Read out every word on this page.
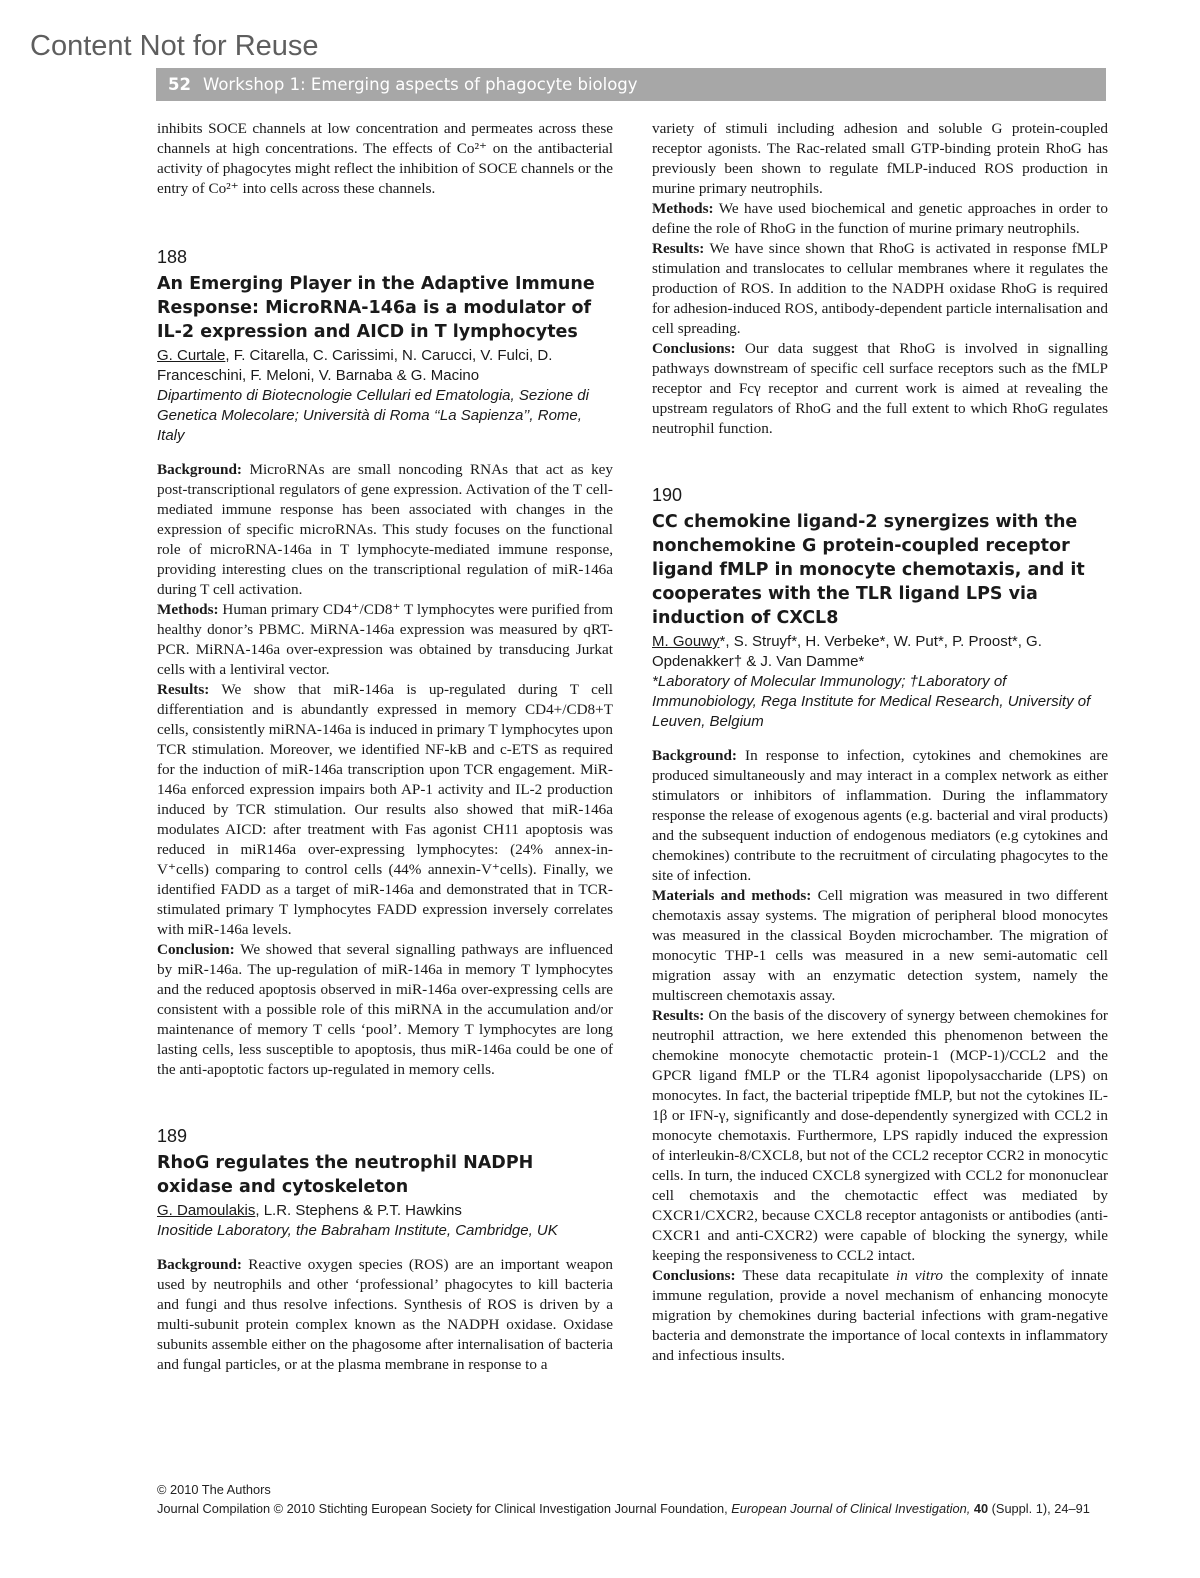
Content Not for Reuse
52 Workshop 1: Emerging aspects of phagocyte biology

inhibits SOCE channels at low concentration and permeates across these channels at high concentrations. The effects of Co²⁺ on the antibacterial activity of phagocytes might reflect the inhibition of SOCE channels or the entry of Co²⁺ into cells across these channels.

188

An Emerging Player in the Adaptive Immune Response: MicroRNA-146a is a modulator of IL-2 expression and AICD in T lymphocytes

G. Curtale, F. Citarella, C. Carissimi, N. Carucci, V. Fulci, D. Franceschini, F. Meloni, V. Barnaba & G. Macino

Dipartimento di Biotecnologie Cellulari ed Ematologia, Sezione di Genetica Molecolare; Università di Roma ‘‘La Sapienza’’, Rome, Italy

Background: MicroRNAs are small noncoding RNAs that act as key post-transcriptional regulators of gene expression. Activation of the T cell-mediated immune response has been associated with changes in the expression of specific microRNAs. This study focuses on the functional role of microRNA-146a in T lymphocyte-mediated immune response, providing interesting clues on the transcriptional regulation of miR-146a during T cell activation.

Methods: Human primary CD4⁺/CD8⁺ T lymphocytes were purified from healthy donor’s PBMC. MiRNA-146a expression was measured by qRT-PCR. MiRNA-146a over-expression was obtained by transducing Jurkat cells with a lentiviral vector.

Results: We show that miR-146a is up-regulated during T cell differentiation and is abundantly expressed in memory CD4+/CD8+T cells, consistently miRNA-146a is induced in primary T lymphocytes upon TCR stimulation. Moreover, we identified NF-kB and c-ETS as required for the induction of miR-146a transcription upon TCR engagement. MiR-146a enforced expression impairs both AP-1 activity and IL-2 production induced by TCR stimulation. Our results also showed that miR-146a modulates AICD: after treatment with Fas agonist CH11 apoptosis was reduced in miR146a over-expressing lymphocytes: (24% annex-in-V⁺cells) comparing to control cells (44% annexin-V⁺cells). Finally, we identified FADD as a target of miR-146a and demonstrated that in TCR-stimulated primary T lymphocytes FADD expression inversely correlates with miR-146a levels.

Conclusion: We showed that several signalling pathways are influenced by miR-146a. The up-regulation of miR-146a in memory T lymphocytes and the reduced apoptosis observed in miR-146a over-expressing cells are consistent with a possible role of this miRNA in the accumulation and/or maintenance of memory T cells ‘pool’. Memory T lymphocytes are long lasting cells, less susceptible to apoptosis, thus miR-146a could be one of the anti-apoptotic factors up-regulated in memory cells.

189

RhoG regulates the neutrophil NADPH oxidase and cytoskeleton

G. Damoulakis, L.R. Stephens & P.T. Hawkins

Inositide Laboratory, the Babraham Institute, Cambridge, UK

Background: Reactive oxygen species (ROS) are an important weapon used by neutrophils and other ‘professional’ phagocytes to kill bacteria and fungi and thus resolve infections. Synthesis of ROS is driven by a multi-subunit protein complex known as the NADPH oxidase. Oxidase subunits assemble either on the phagosome after internalisation of bacteria and fungal particles, or at the plasma membrane in response to a

variety of stimuli including adhesion and soluble G protein-coupled receptor agonists. The Rac-related small GTP-binding protein RhoG has previously been shown to regulate fMLP-induced ROS production in murine primary neutrophils.

Methods: We have used biochemical and genetic approaches in order to define the role of RhoG in the function of murine primary neutrophils.

Results: We have since shown that RhoG is activated in response fMLP stimulation and translocates to cellular membranes where it regulates the production of ROS. In addition to the NADPH oxidase RhoG is required for adhesion-induced ROS, antibody-dependent particle internalisation and cell spreading.

Conclusions: Our data suggest that RhoG is involved in signalling pathways downstream of specific cell surface receptors such as the fMLP receptor and Fcγ receptor and current work is aimed at revealing the upstream regulators of RhoG and the full extent to which RhoG regulates neutrophil function.

190

CC chemokine ligand-2 synergizes with the nonchemokine G protein-coupled receptor ligand fMLP in monocyte chemotaxis, and it cooperates with the TLR ligand LPS via induction of CXCL8

M. Gouwy*, S. Struyf*, H. Verbeke*, W. Put*, P. Proost*, G. Opdenakker† & J. Van Damme*

*Laboratory of Molecular Immunology; †Laboratory of Immunobiology, Rega Institute for Medical Research, University of Leuven, Belgium

Background: In response to infection, cytokines and chemokines are produced simultaneously and may interact in a complex network as either stimulators or inhibitors of inflammation. During the inflammatory response the release of exogenous agents (e.g. bacterial and viral products) and the subsequent induction of endogenous mediators (e.g cytokines and chemokines) contribute to the recruitment of circulating phagocytes to the site of infection.

Materials and methods: Cell migration was measured in two different chemotaxis assay systems. The migration of peripheral blood monocytes was measured in the classical Boyden microchamber. The migration of monocytic THP-1 cells was measured in a new semi-automatic cell migration assay with an enzymatic detection system, namely the multiscreen chemotaxis assay.

Results: On the basis of the discovery of synergy between chemokines for neutrophil attraction, we here extended this phenomenon between the chemokine monocyte chemotactic protein-1 (MCP-1)/CCL2 and the GPCR ligand fMLP or the TLR4 agonist lipopolysaccharide (LPS) on monocytes. In fact, the bacterial tripeptide fMLP, but not the cytokines IL-1β or IFN-γ, significantly and dose-dependently synergized with CCL2 in monocyte chemotaxis. Furthermore, LPS rapidly induced the expression of interleukin-8/CXCL8, but not of the CCL2 receptor CCR2 in monocytic cells. In turn, the induced CXCL8 synergized with CCL2 for mononuclear cell chemotaxis and the chemotactic effect was mediated by CXCR1/CXCR2, because CXCL8 receptor antagonists or antibodies (anti-CXCR1 and anti-CXCR2) were capable of blocking the synergy, while keeping the responsiveness to CCL2 intact.

Conclusions: These data recapitulate in vitro the complexity of innate immune regulation, provide a novel mechanism of enhancing monocyte migration by chemokines during bacterial infections with gram-negative bacteria and demonstrate the importance of local contexts in inflammatory and infectious insults.

© 2010 The Authors
Journal Compilation © 2010 Stichting European Society for Clinical Investigation Journal Foundation, European Journal of Clinical Investigation, 40 (Suppl. 1), 24–91
